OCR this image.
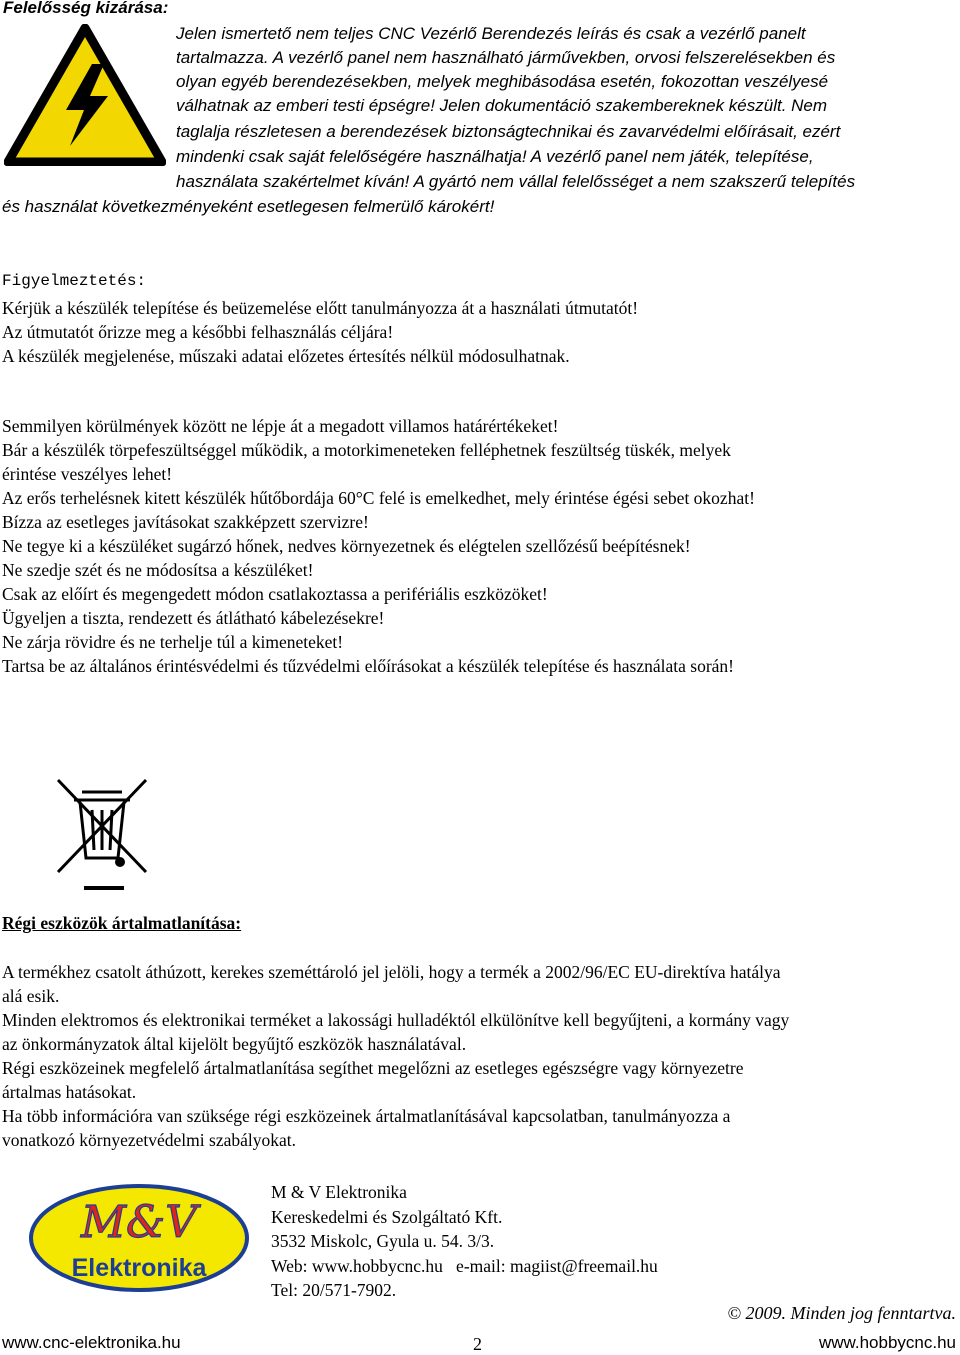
Felelősség kizárása:
Jelen ismertető nem teljes CNC Vezérlő Berendezés leírás és csak a vezérlő panelt
tartalmazza. A vezérlő panel nem használható járművekben, orvosi felszerelésekben és
olyan egyéb berendezésekben, melyek meghibásodása esetén, fokozottan veszélyesé
válhatnak az emberi testi épségre! Jelen dokumentáció szakembereknek készült. Nem
taglalja részletesen a berendezések biztonságtechnikai és zavarvédelmi előírásait, ezért
mindenki csak saját felelőségére használhatja! A vezérlő panel nem játék, telepítése,
használata szakértelmet kíván! A gyártó nem vállal felelősséget a nem szakszerű telepítés
és használat következményeként esetlegesen felmerülő károkért!
Figyelmeztetés:
Kérjük a készülék telepítése és beüzemelése előtt tanulmányozza át a használati útmutatót!
Az útmutatót őrizze meg a későbbi felhasználás céljára!
A készülék megjelenése, műszaki adatai előzetes értesítés nélkül módosulhatnak.
Semmilyen körülmények között ne lépje át a megadott villamos határértékeket!
Bár a készülék törpefeszültséggel működik, a motorkimeneteken felléphetnek feszültség tüskék, melyek
érintése veszélyes lehet!
Az erős terhelésnek kitett készülék hűtőbordája 60°C felé is emelkedhet, mely érintése égési sebet okozhat!
Bízza az esetleges javításokat szakképzett szervizre!
Ne tegye ki a készüléket sugárzó hőnek, nedves környezetnek és elégtelen szellőzésű beépítésnek!
Ne szedje szét és ne módosítsa a készüléket!
Csak az előírt és megengedett módon csatlakoztassa a perifériális eszközöket!
Ügyeljen a tiszta, rendezett és átlátható kábelezésekre!
Ne zárja rövidre és ne terhelje túl a kimeneteket!
Tartsa be az általános érintésvédelmi és tűzvédelmi előírásokat a készülék telepítése és használata során!
Régi eszközök ártalmatlanítása:
A termékhez csatolt áthúzott, kerekes szeméttároló jel jelöli, hogy a termék a 2002/96/EC EU-direktíva hatálya
alá esik.
Minden elektromos és elektronikai terméket a lakossági hulladéktól elkülönítve kell begyűjteni, a kormány vagy
az önkormányzatok által kijelölt begyűjtő eszközök használatával.
Régi eszközeinek megfelelő ártalmatlanítása segíthet megelőzni az esetleges egészségre vagy környezetre
ártalmas hatásokat.
Ha több információra van szüksége régi eszközeinek ártalmatlanításával kapcsolatban, tanulmányozza a
vonatkozó környezetvédelmi szabályokat.
M&V
Elektronika
M & V Elektronika
Kereskedelmi és Szolgáltató Kft.
3532 Miskolc, Gyula u. 54. 3/3.
Web: www.hobbycnc.hu   e-mail: magiist@freemail.hu
Tel: 20/571-7902.
© 2009. Minden jog fenntartva.
www.cnc-elektronika.hu	2	www.hobbycnc.hu
